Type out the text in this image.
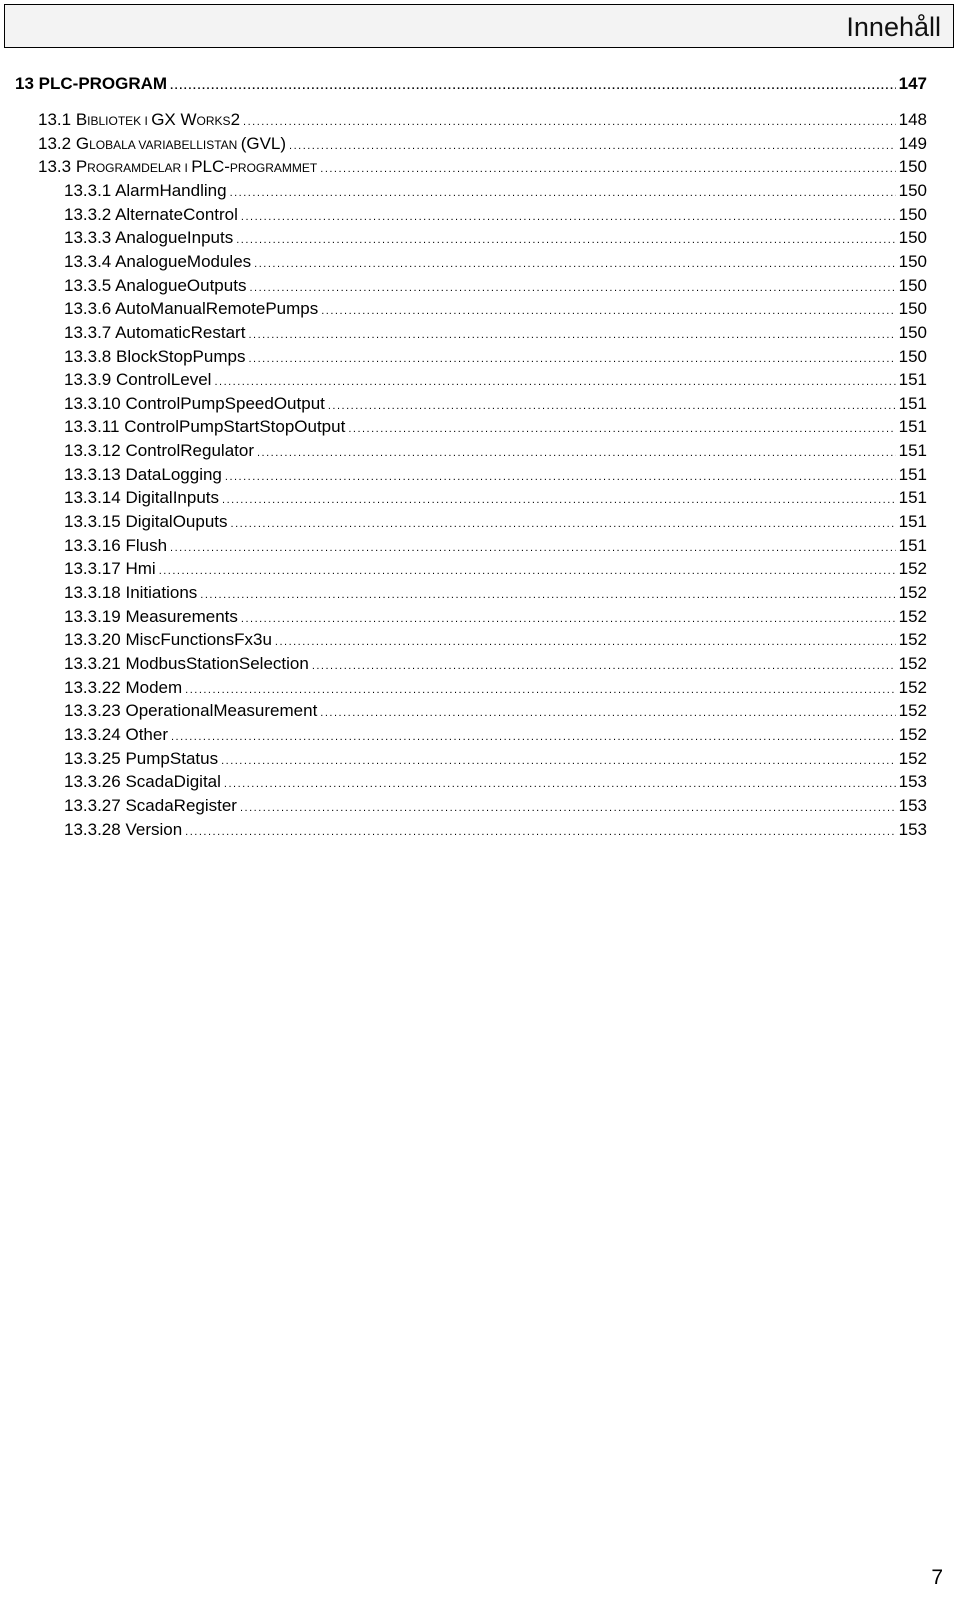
Innehåll
13 PLC-PROGRAM .....	147
13.1 BIBLIOTEK I GX WORKS2 .....	148
13.2 GLOBALA VARIABELLISTAN (GVL) .....	149
13.3 PROGRAMDELAR I PLC-PROGRAMMET .....	150
13.3.1 AlarmHandling .....	150
13.3.2 AlternateControl .....	150
13.3.3 AnalogueInputs .....	150
13.3.4 AnalogueModules .....	150
13.3.5 AnalogueOutputs .....	150
13.3.6 AutoManualRemotePumps .....	150
13.3.7 AutomaticRestart .....	150
13.3.8 BlockStopPumps .....	150
13.3.9 ControlLevel .....	151
13.3.10 ControlPumpSpeedOutput .....	151
13.3.11 ControlPumpStartStopOutput .....	151
13.3.12 ControlRegulator .....	151
13.3.13 DataLogging .....	151
13.3.14 DigitalInputs .....	151
13.3.15 DigitalOuputs .....	151
13.3.16 Flush .....	151
13.3.17 Hmi .....	152
13.3.18 Initiations .....	152
13.3.19 Measurements .....	152
13.3.20 MiscFunctionsFx3u .....	152
13.3.21 ModbusStationSelection .....	152
13.3.22 Modem .....	152
13.3.23 OperationalMeasurement .....	152
13.3.24 Other .....	152
13.3.25 PumpStatus .....	152
13.3.26 ScadaDigital .....	153
13.3.27 ScadaRegister .....	153
13.3.28 Version .....	153
7
